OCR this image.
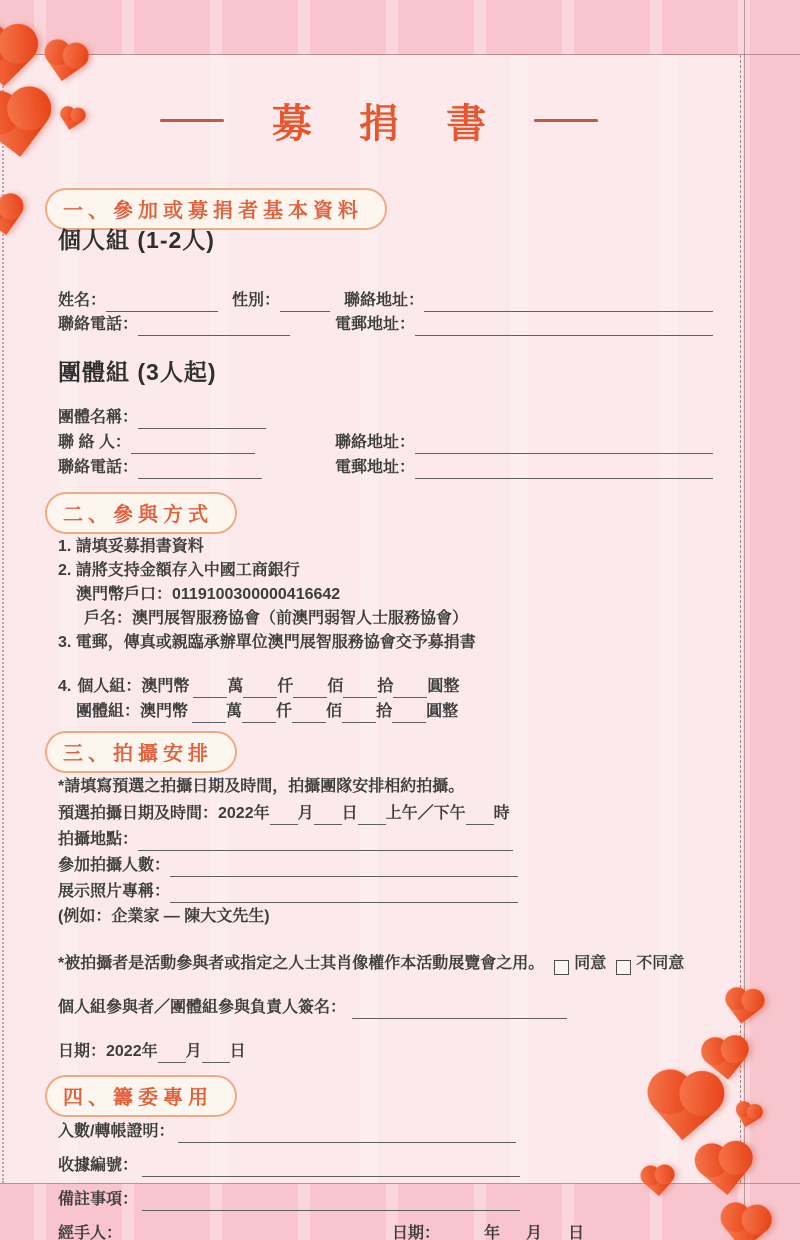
募 捐 書
一、參加或募捐者基本資料
個人組 (1-2人)
姓名：	性別：	聯絡地址：
聯絡電話：	電郵地址：
團體組 (3人起)
團體名稱：
聯 絡 人：	聯絡地址：
聯絡電話：	電郵地址：
二、參與方式
1. 請填妥募捐書資料
2. 請將支持金額存入中國工商銀行
澳門幣戶口：0119100300000416642
戶名：澳門展智服務協會（前澳門弱智人士服務協會）
3. 電郵，傳真或親臨承辦單位澳門展智服務協會交予募捐書
4. 個人組：澳門幣 萬 仟 佰 拾 圓整
團體組：澳門幣 萬 仟 佰 拾 圓整
三、拍攝安排
*請填寫預選之拍攝日期及時間，拍攝團隊安排相約拍攝。
預選拍攝日期及時間：2022年 月 日 上午／下午 時
拍攝地點：
參加拍攝人數：
展示照片專稱：
(例如：企業家 — 陳大文先生)
*被拍攝者是活動參與者或指定之人士其肖像權作本活動展覽會之用。 同意 不同意
個人組參與者／團體組參與負責人簽名：
日期：2022年 月 日
四、籌委專用
入數/轉帳證明：
收據編號：
備註事項：
經手人：	日期：	年 月 日
